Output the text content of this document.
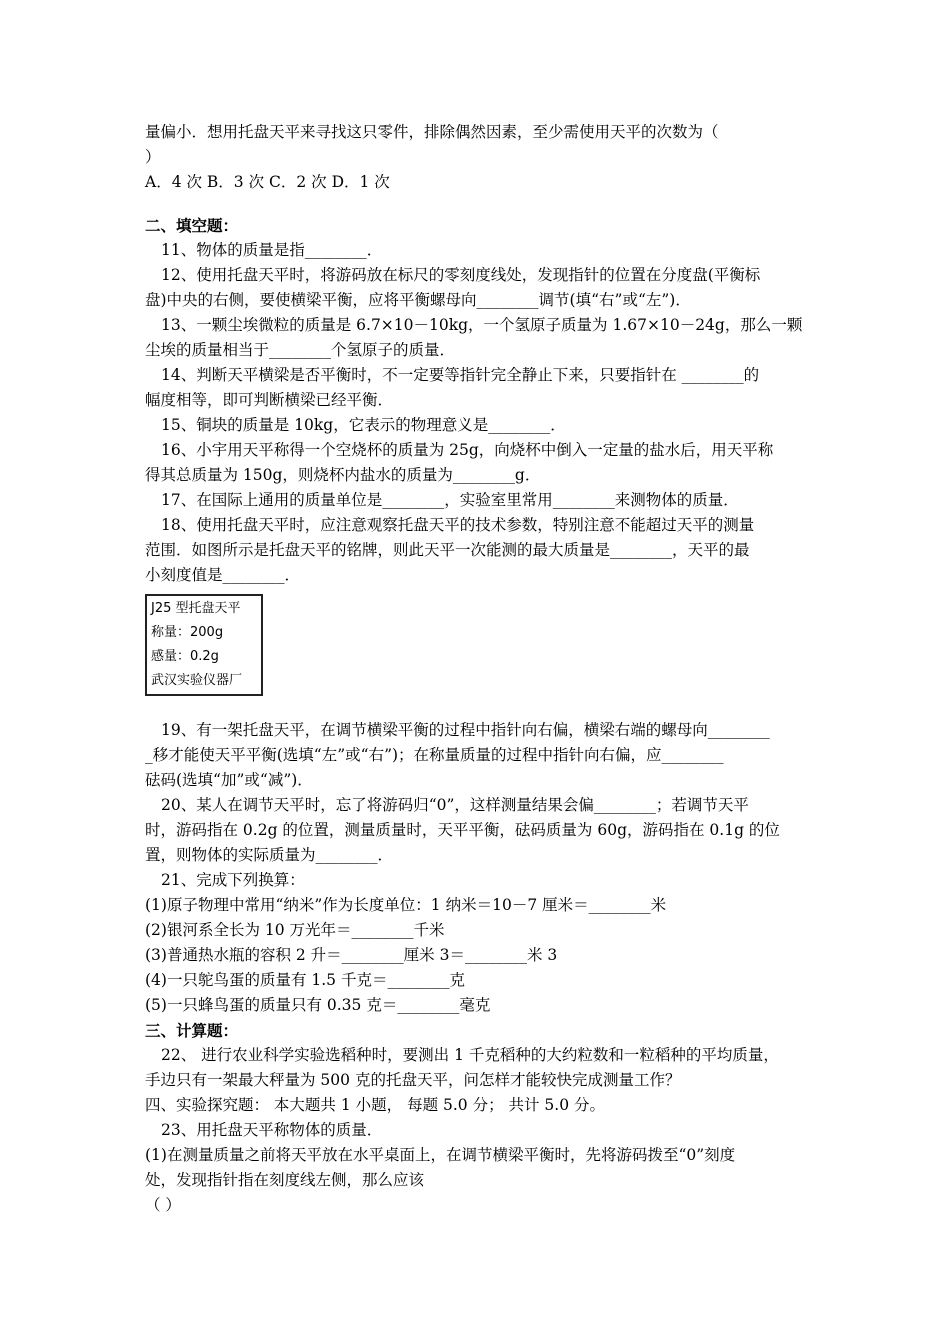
量偏小．想用托盘天平来寻找这只零件，排除偶然因素，至少需使用天平的次数为（
）
A．4 次 B．3 次 C．2 次 D．1 次
二、填空题：
11、物体的质量是指________．
12、使用托盘天平时，将游码放在标尺的零刻度线处，发现指针的位置在分度盘(平衡标
盘)中央的右侧，要使横梁平衡，应将平衡螺母向________调节(填“右”或“左”)．
13、一颗尘埃微粒的质量是 6.7×10－10kg，一个氢原子质量为 1.67×10－24g，那么一颗
尘埃的质量相当于________个氢原子的质量．
14、判断天平横梁是否平衡时，不一定要等指针完全静止下来，只要指针在 ________的
幅度相等，即可判断横梁已经平衡．
15、铜块的质量是 10kg，它表示的物理意义是________．
16、小宇用天平称得一个空烧杯的质量为 25g，向烧杯中倒入一定量的盐水后，用天平称
得其总质量为 150g，则烧杯内盐水的质量为________g．
17、在国际上通用的质量单位是________，实验室里常用________来测物体的质量．
18、使用托盘天平时，应注意观察托盘天平的技术参数，特别注意不能超过天平的测量
范围．如图所示是托盘天平的铭牌，则此天平一次能测的最大质量是________，天平的最
小刻度值是________．
J25 型托盘天平
称量：200g
感量：0.2g
武汉实验仪器厂
19、有一架托盘天平，在调节横梁平衡的过程中指针向右偏，横梁右端的螺母向________
_移才能使天平平衡(选填“左”或“右”)；在称量质量的过程中指针向右偏，应________
砝码(选填“加”或“减”)．
20、某人在调节天平时，忘了将游码归“0”，这样测量结果会偏________；若调节天平
时，游码指在 0.2g 的位置，测量质量时，天平平衡，砝码质量为 60g，游码指在 0.1g 的位
置，则物体的实际质量为________．
21、完成下列换算：
(1)原子物理中常用“纳米”作为长度单位：1 纳米＝10－7 厘米＝________米
(2)银河系全长为 10 万光年＝________千米
(3)普通热水瓶的容积 2 升＝________厘米 3＝________米 3
(4)一只鸵鸟蛋的质量有 1.5 千克＝________克
(5)一只蜂鸟蛋的质量只有 0.35 克＝________毫克
三、计算题：
22、 进行农业科学实验选稻种时，要测出 1 千克稻种的大约粒数和一粒稻种的平均质量，
手边只有一架最大秤量为 500 克的托盘天平，问怎样才能较快完成测量工作？
四、实验探究题： 本大题共 1 小题， 每题 5.0 分； 共计 5.0 分。
23、用托盘天平称物体的质量．
(1)在测量质量之前将天平放在水平桌面上，在调节横梁平衡时，先将游码拨至“0”刻度
处，发现指针指在刻度线左侧，那么应该
（ ）
